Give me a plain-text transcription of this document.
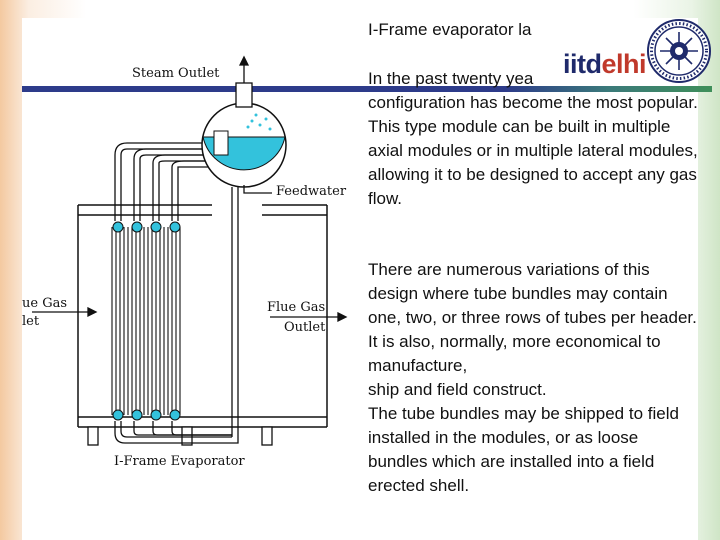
I-Frame evaporator la
iitdelhi
In the past twenty yea
configuration has become the most popular.
This type module can be built in multiple axial modules or in multiple lateral modules, allowing it to be designed to accept any gas flow.
There are numerous variations of this design where tube bundles may contain one, two, or three rows of tubes per header. It is also, normally, more economical to manufacture,
ship and field construct.
The tube bundles may be shipped to field installed in the modules, or as loose bundles which are installed into a field erected shell.
Steam Outlet
Feedwater
ue Gas
let
Flue Gas
Outlet
I-Frame Evaporator
